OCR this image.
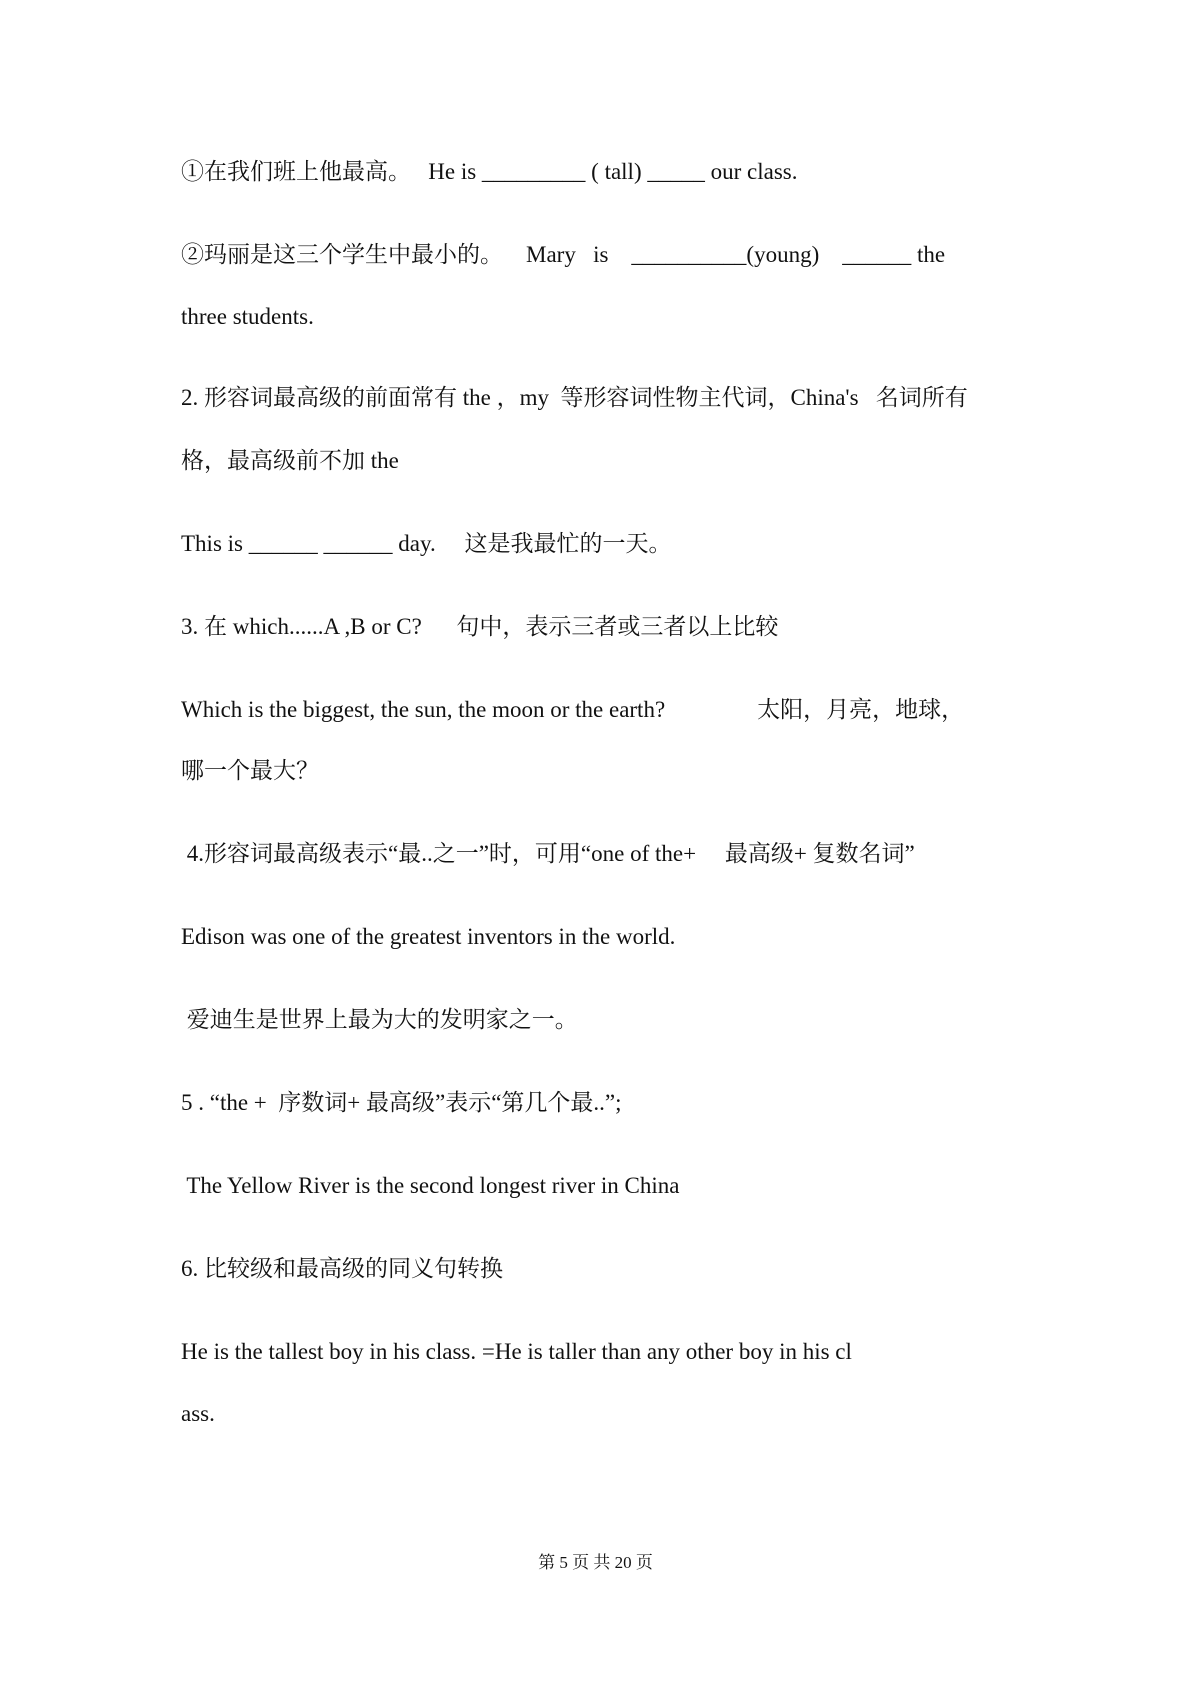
①在我们班上他最高。   He is _________ ( tall) _____ our class.
②玛丽是这三个学生中最小的。    Mary   is    __________(young)    ______ the
three students.
2. 形容词最高级的前面常有 the ，my  等形容词性物主代词，China's   名词所有
格，最高级前不加 the
This is ______ ______ day.     这是我最忙的一天。
3. 在 which......A ,B or C?      句中，表示三者或三者以上比较
Which is the biggest, the sun, the moon or the earth?                太阳，月亮，地球，
哪一个最大？
4.形容词最高级表示“最..之一”时，可用“one of the+     最高级+ 复数名词”
Edison was one of the greatest inventors in the world.
爱迪生是世界上最为大的发明家之一。
5 . “the +  序数词+ 最高级”表示“第几个最..”;
The Yellow River is the second longest river in China
6. 比较级和最高级的同义句转换
He is the tallest boy in his class. =He is taller than any other boy in his cl
ass.
第 5 页 共 20 页
